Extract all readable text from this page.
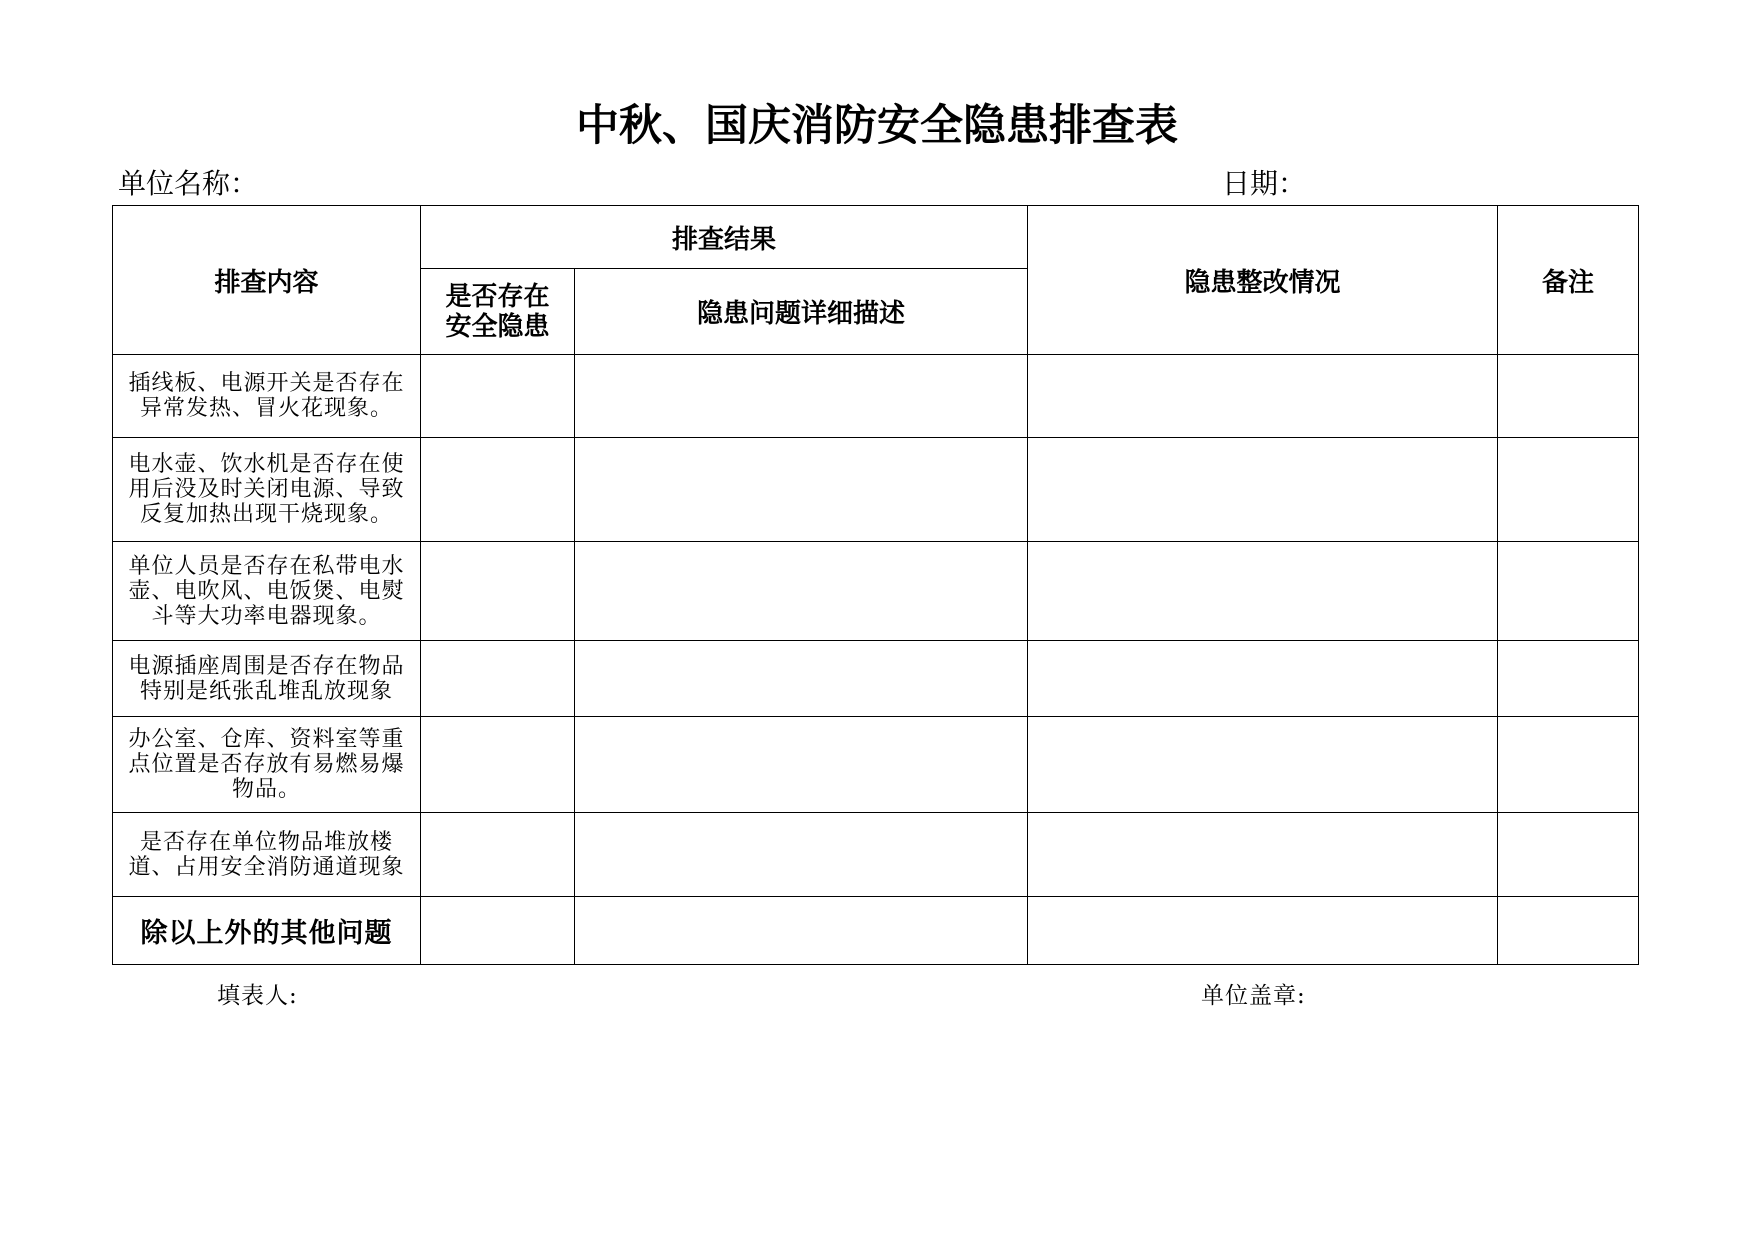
中秋、国庆消防安全隐患排查表
单位名称：	日期：
排查内容	排查结果		隐患整改情况	备注
	是否存在安全隐患	隐患问题详细描述		
插线板、电源开关是否存在异常发热、冒火花现象。				
电水壶、饮水机是否存在使用后没及时关闭电源、导致反复加热出现干烧现象。				
单位人员是否存在私带电水壶、电吹风、电饭煲、电熨斗等大功率电器现象。				
电源插座周围是否存在物品特别是纸张乱堆乱放现象				
办公室、仓库、资料室等重点位置是否存放有易燃易爆物品。				
是否存在单位物品堆放楼道、占用安全消防通道现象				
除以上外的其他问题				
填表人:	单位盖章:
